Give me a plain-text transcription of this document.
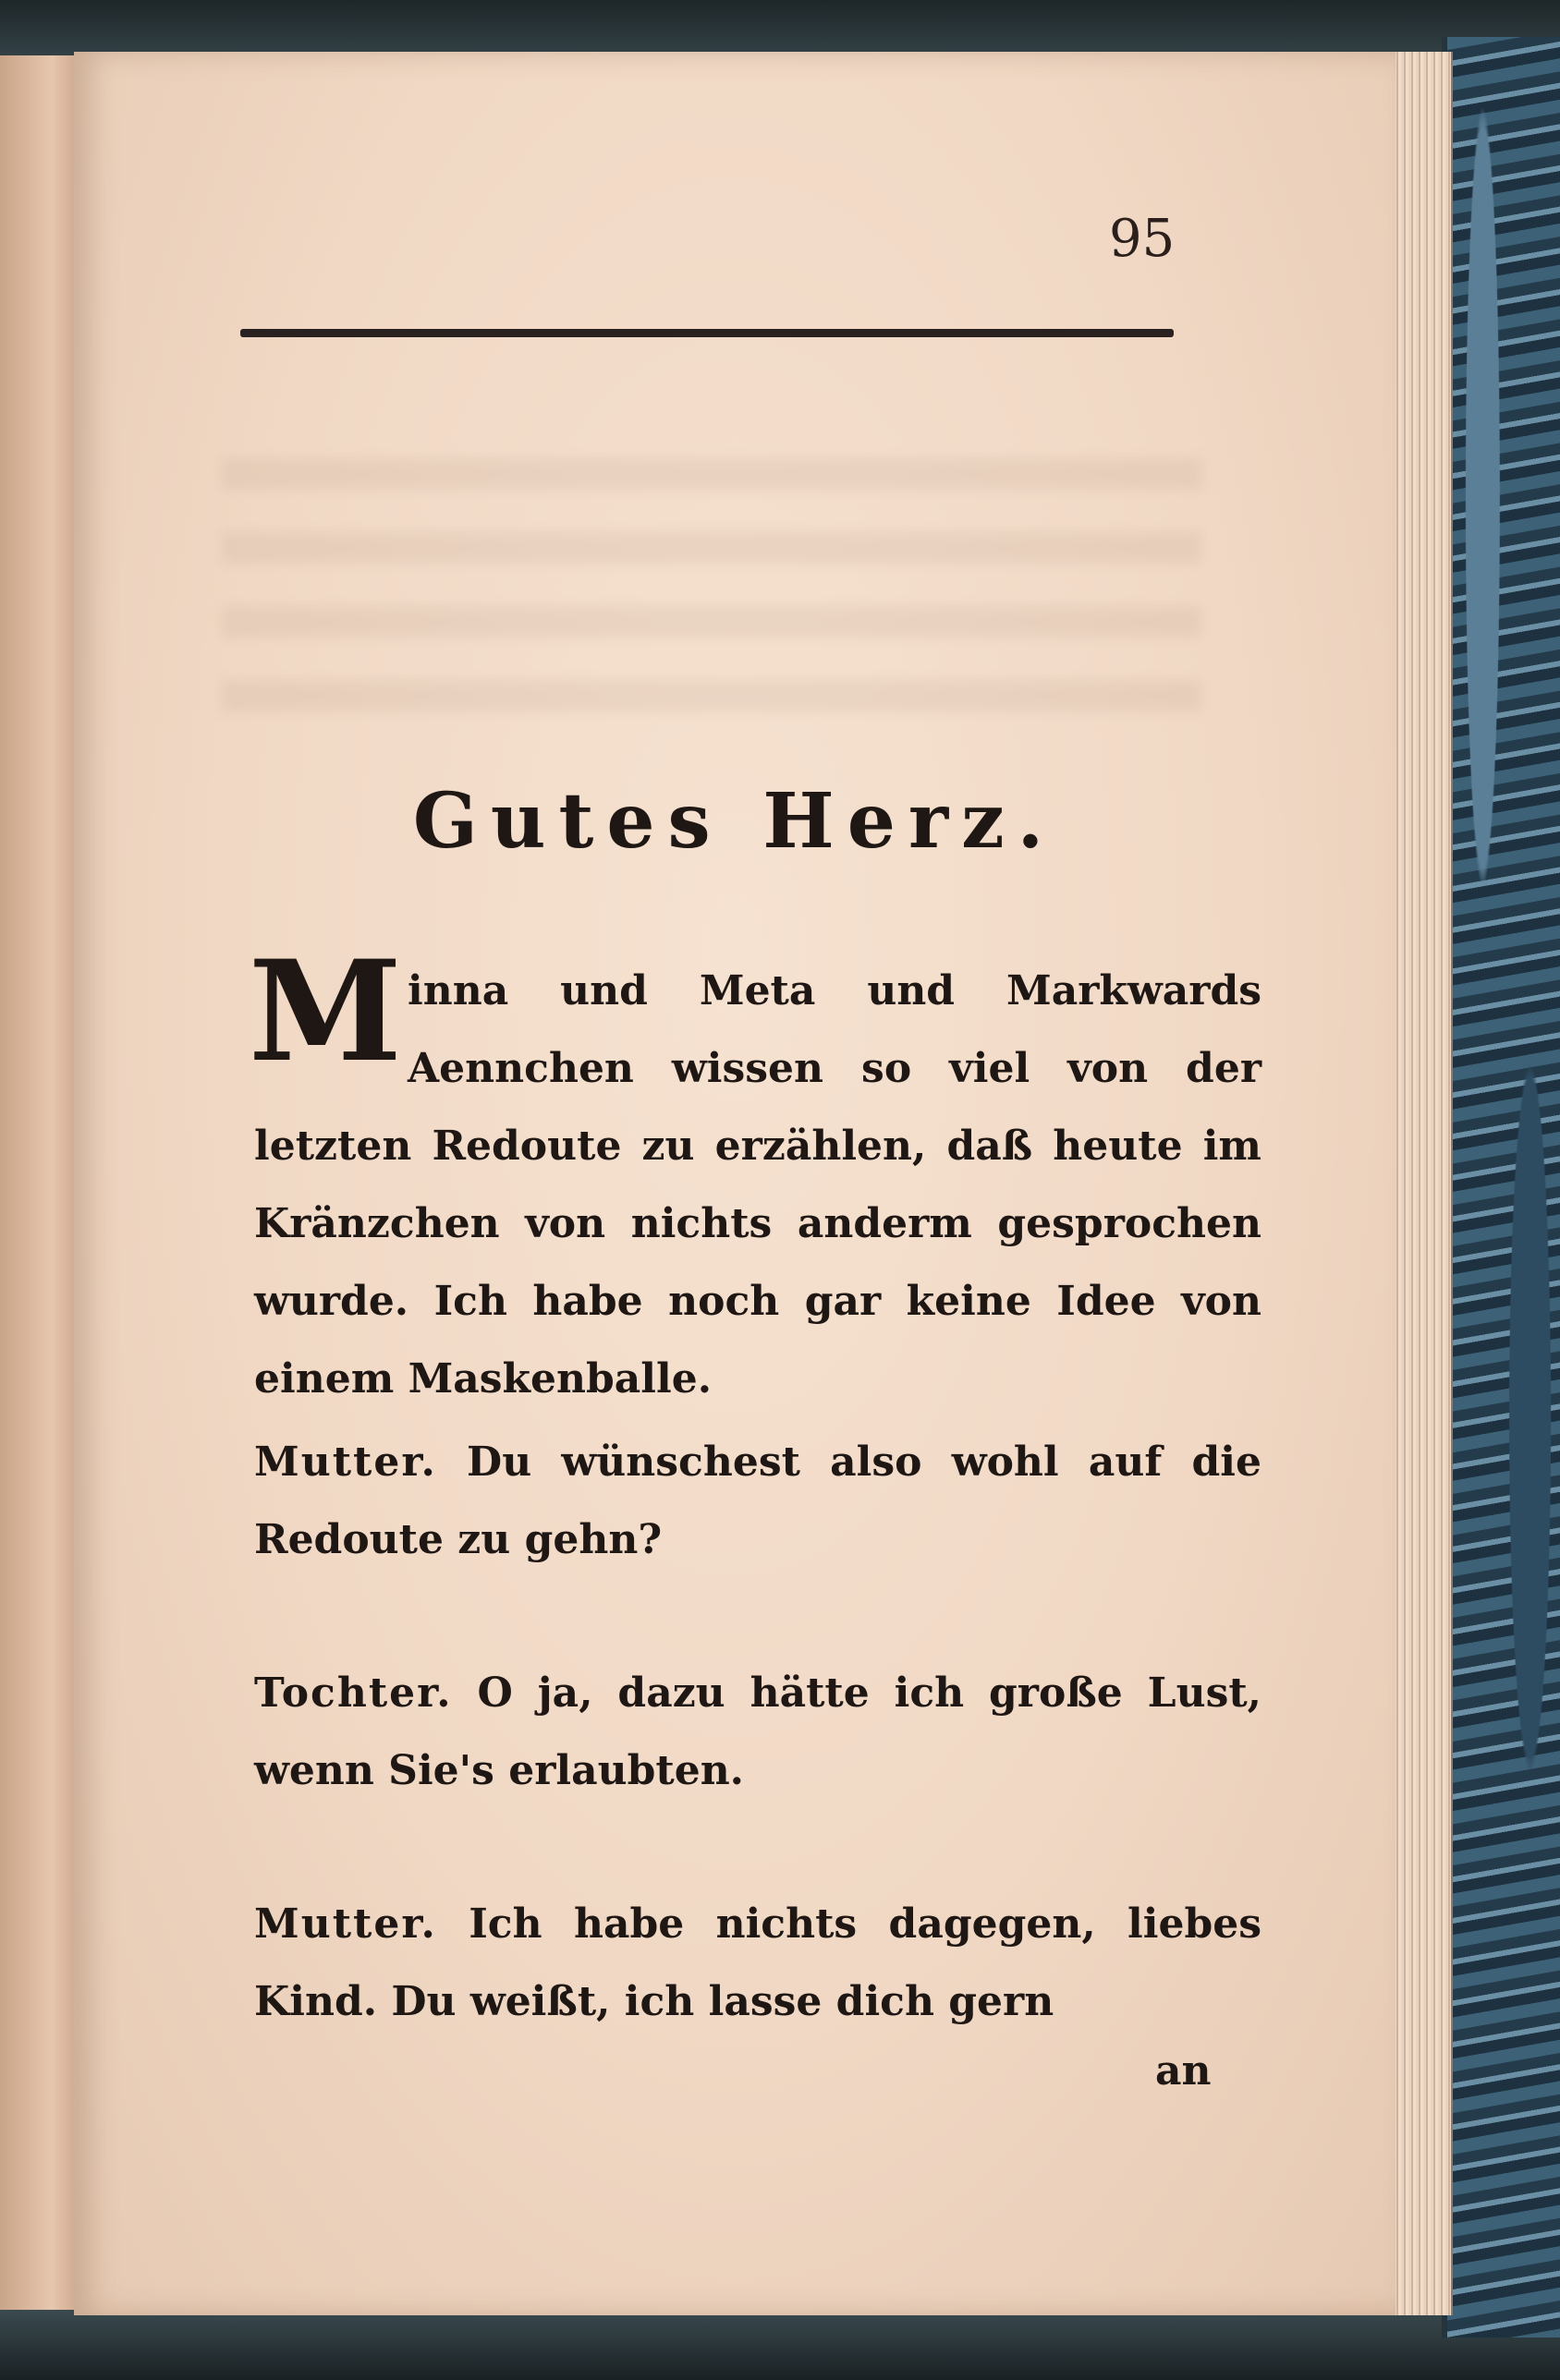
95
Gutes Herz.

Minna und Meta und Markwards Aennchen wissen so viel von der letzten Redoute zu erzählen, daß heute im Kränzchen von nichts anderm gesprochen wurde. Ich habe noch gar keine Idee von einem Maskenballe.

Mutter. Du wünschest also wohl auf die Redoute zu gehn?

Tochter. O ja, dazu hätte ich große Lust, wenn Sie's erlaubten.

Mutter. Ich habe nichts dagegen, liebes Kind. Du weißt, ich lasse dich gern

an
